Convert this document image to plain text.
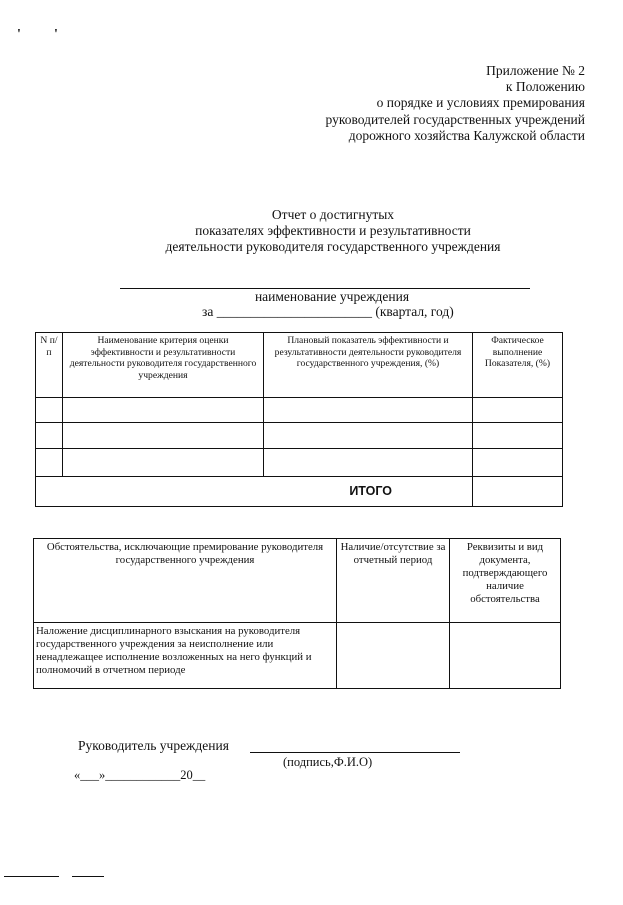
' '
Приложение № 2
к Положению
о порядке и условиях премирования
руководителей государственных учреждений
дорожного хозяйства Калужской области
Отчет о достигнутых
показателях эффективности и результативности
деятельности руководителя государственного учреждения
наименование учреждения
за _______________________ (квартал, год)
N п/п	Наименование критерия оценки эффективности и результативности деятельности руководителя государственного учреждения	Плановый показатель эффективности и результативности деятельности руководителя государственного учреждения, (%)	Фактическое выполнение Показателя, (%)

ИТОГО			
Обстоятельства, исключающие премирование руководителя государственного учреждения	Наличие/отсутствие за отчетный период	Реквизиты и вид документа, подтверждающего наличие обстоятельства
Наложение дисциплинарного взыскания на руководителя государственного учреждения за неисполнение или ненадлежащее исполнение возложенных на него функций и полномочий в отчетном периоде		
Руководитель учреждения
(подпись,Ф.И.О)
«___»____________20__
